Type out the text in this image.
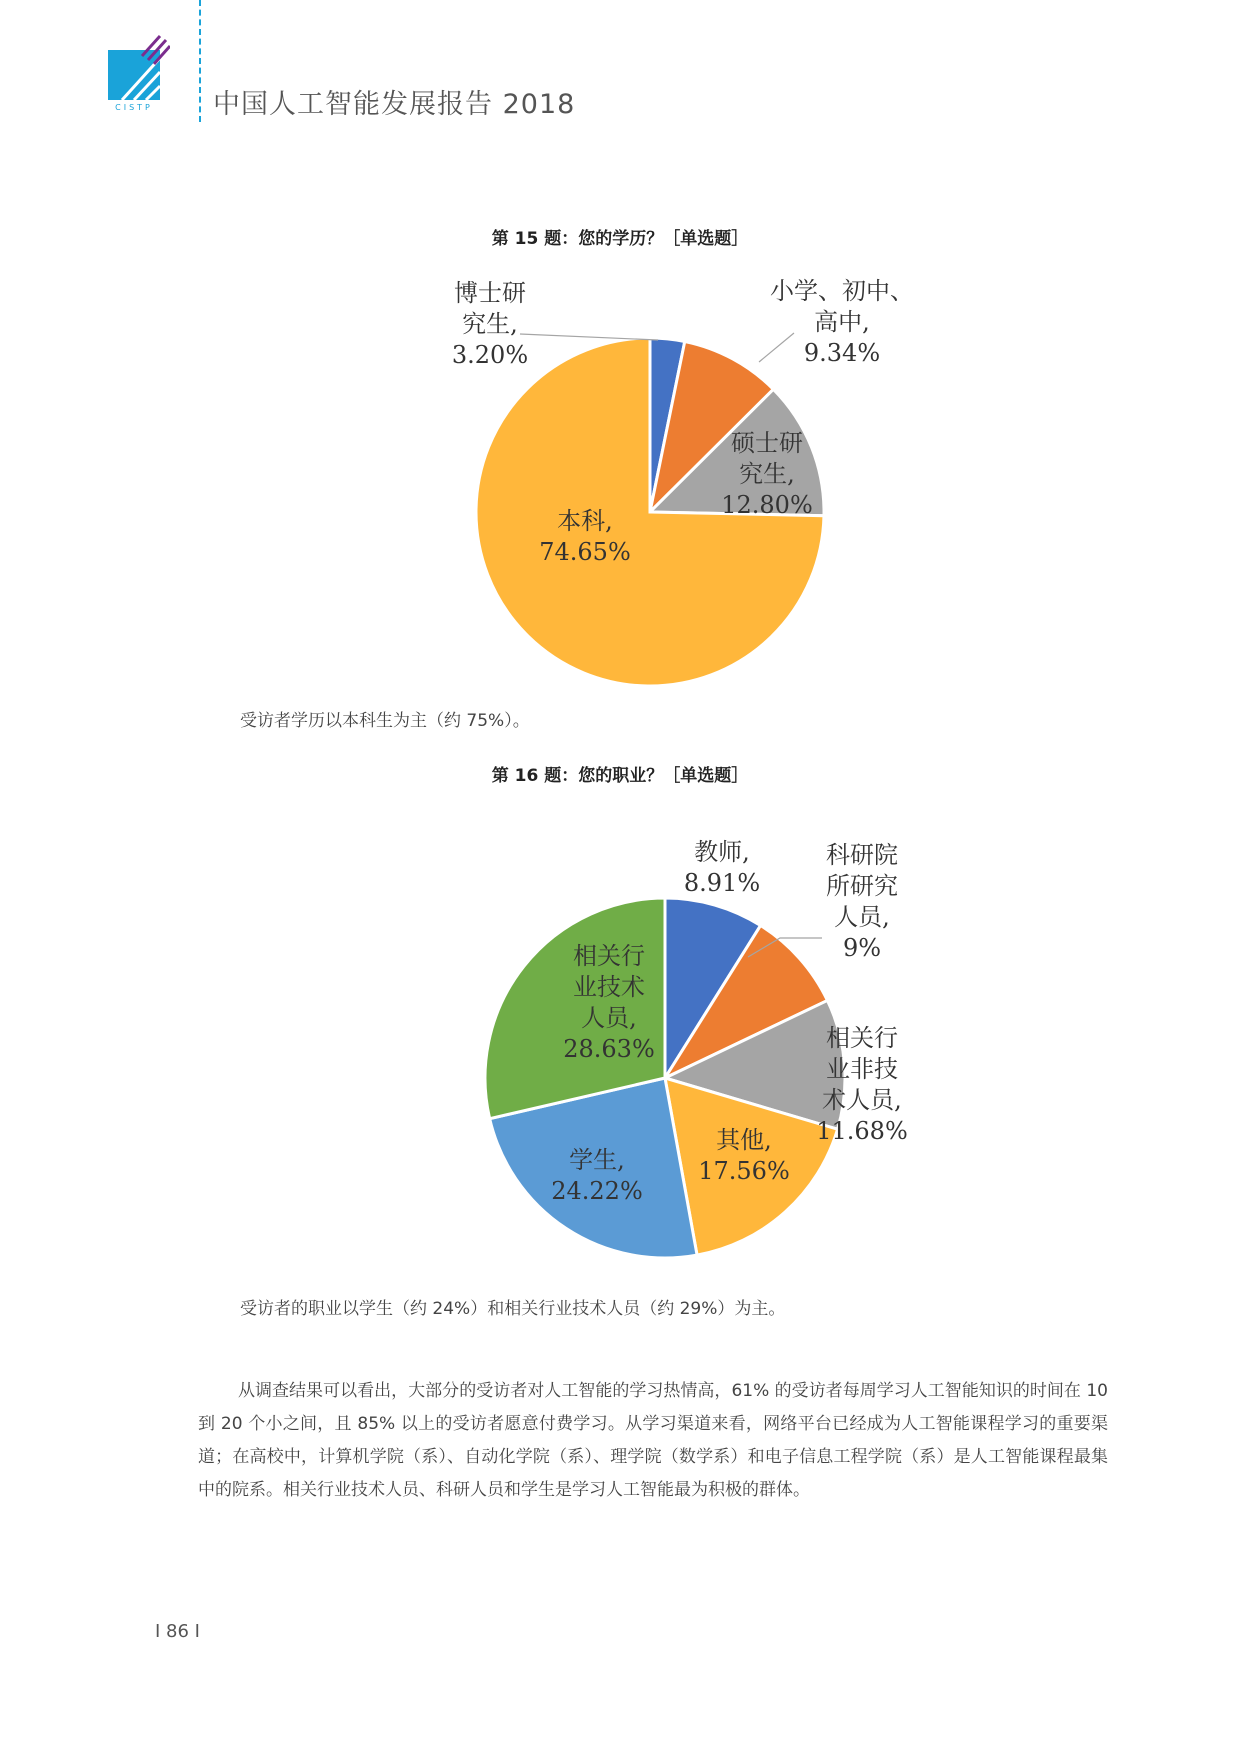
CISTP 中国人工智能发展报告 2018
第 15 题：您的学历？［单选题］
博士研
究生,
3.20%
小学、初中、
高中,
9.34%
硕士研
究生,
12.80%
本科,
74.65%
受访者学历以本科生为主（约 75%）。
第 16 题：您的职业？［单选题］
教师,
8.91%
科研院
所研究
人员,
9%
相关行
业非技
术人员,
11.68%
其他,
17.56%
学生,
24.22%
相关行
业技术
人员,
28.63%
受访者的职业以学生（约 24%）和相关行业技术人员（约 29%）为主。
从调查结果可以看出，大部分的受访者对人工智能的学习热情高，61% 的受访者每周学习人工智能知识的时间在 10 到 20 个小之间，且 85% 以上的受访者愿意付费学习。从学习渠道来看，网络平台已经成为人工智能课程学习的重要渠道；在高校中，计算机学院（系）、自动化学院（系）、理学院（数学系）和电子信息工程学院（系）是人工智能课程最集中的院系。相关行业技术人员、科研人员和学生是学习人工智能最为积极的群体。
I 86 I
